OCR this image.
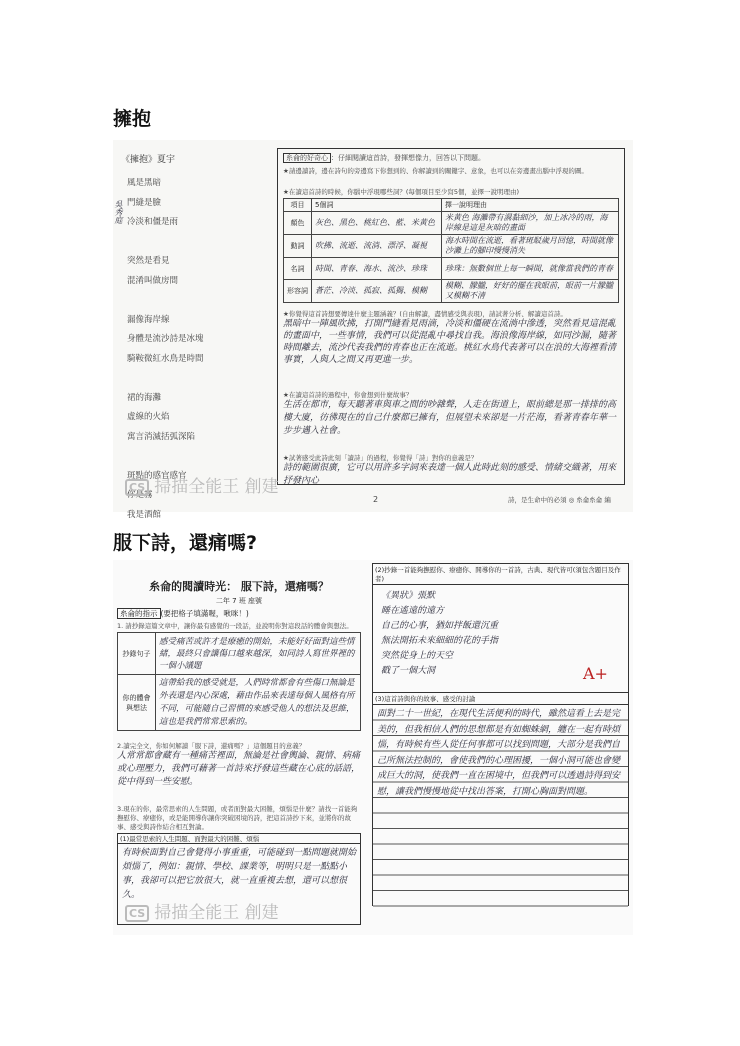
擁抱
《擁抱》夏宇
風是黑暗
門縫是臉
冷淡和僵是雨
突然是看見
混淆叫做房間
漏像海岸線
身體是流沙詩是冰塊
騎鞍微紅水鳥是時間
裙的海灘
虛線的火焰
寓言消滅括弧深陷
斑點的感官感官
你是霧
我是酒館
吳秀庭
糸侖的好奇心 ：仔細閱讀這首詩，發揮想像力，回答以下問題。
★請邊讀詩，邊在詩句的旁邊寫下你想到的、你解讀到的關鍵字、意象，也可以在旁邊畫出腦中浮現的圖。
★在讀這首詩的時候，你腦中浮現哪些詞？(每個項目至少寫5個，並擇一說明理由)
項目	5個詞	擇一說明理由
顏色	灰色、黑色、桃紅色、藍、米黃色	米黃色 海灘帶有濕黏細沙，加上冰冷的雨，海岸線是這是灰暗的畫面
動詞	吹拂、流逝、流淌、漂浮、凝視	海水時間在流逝，看著斑駁歲月回憶，時間就像沙灘上的腳印慢慢消失
名詞	時間、青春、海水、流沙、珍珠	珍珠：無數個世上每一瞬間，就像當我們的青春
形容詞	蒼茫、冷淡、孤寂、孤獨、模糊	模糊、朦朧，好好的擺在我眼前，眼前一片朦朧又模糊不清
★你覺得這首詩想要傳達什麼主題涵義？(自由解讀，盡情感受與表現)，請試著分析、解讀這首詩。
黑暗中一陣風吹拂，打開門縫看見雨滴，冷淡和僵硬在流淌中滲透，突然看見這混亂的畫面中，一些事情，我們可以從混亂中尋找自我。海浪像海岸線，如同沙漏，隨著時間離去，流沙代表我們的青春也正在流逝。桃紅水鳥代表著可以在浪的大海裡看清事實，人與人之間又再更進一步。
★在讀這首詩的過程中，你會想到什麼故事？
生活在都市，每天聽著車與車之間的吵雜聲，人走在街道上，眼前總是那一排排的高樓大廈，彷彿現在的自己什麼都已擁有，但展望未來卻是一片茫海，看著青春年華一步步邁入社會。
★試著感受此詩此刻「讀詩」的過程，你覺得「詩」對你的意義是？
詩的範圍很廣，它可以用許多字詞來表達一個人此時此刻的感受、情緒交織著，用來抒發內心
2	詩，是生命中的必須 ◎ 糸侖糸侖 編
CS 掃描全能王 創建
服下詩，還痛嗎?
糸侖的閱讀時光： 服下詩，還痛嗎？
二年 7 班 座號
糸侖的指示 (要把格子填滿喔，啾咪！)
1. 請抄錄這篇文章中，讓你最有感覺的一段話，並說明你對這段話的體會與想法。
抄錄句子	感受痛苦或許才是療癒的開始，未能好好面對這些情緒，最終只會讓傷口越來越深，如同詩人寫世界裡的一個小議題
你的體會與想法	這帶給我的感受就是，人們時常都會有些傷口無論是外表還是內心深處，藉由作品來表達每個人風格有所不同，可能隨自己習慣的來感受他人的想法及思維，這也是我們常常思索的。
2.讀完全文，你如何解讀「服下詩，還痛嗎？」這個題目的意義？
人常常都會藏有一種痛苦裡面，無論是社會輿論、親情、病痛或心理壓力，我們可藉著一首詩來抒發這些藏在心底的話語，從中得到一些安慰。
3.現在的你，最常思索的人生問題，或者面對最大困難，煩惱是什麼？請找一首能夠撫慰你、療癒你，或是能開導你讓你突破困境的詩，把這首詩抄下來，並將你的故事、感受與詩作結合相互對論。
(1)最常思索的人生問題、面對最大的困難、煩惱
有時候面對自己會覺得小事重重，可能碰到一點問題就開始煩惱了，例如：親情、學校、課業等，明明只是一點點小事，我卻可以把它放很大，就一直重複去想，還可以想很久。
CS 掃描全能王 創建
(2)抄錄一首能夠撫慰你、療癒你、開導你的一首詩，古典、現代皆可(須包含題目及作者)
《異狀》張默
睡在遙遠的遠方
自己的心事，猶如拌飯還沉重
無法開拓未來細細的花的手指
突然從身上的天空
戳了一個大洞	A+
(3)這首詩與你的故事、感受的討論
面對二十一世紀，在現代生活便利的時代，雖然這看上去是完美的，但我相信人們的思想都是有如蜘蛛網，纏在一起有時煩惱，有時候有些人從任何事都可以找到問題，大部分是我們自己所無法控制的，會使我們的心理困擾，一個小洞可能也會變成巨大的洞，使我們一直在困境中，但我們可以透過詩得到安慰，讓我們慢慢地從中找出答案，打開心胸面對問題。
